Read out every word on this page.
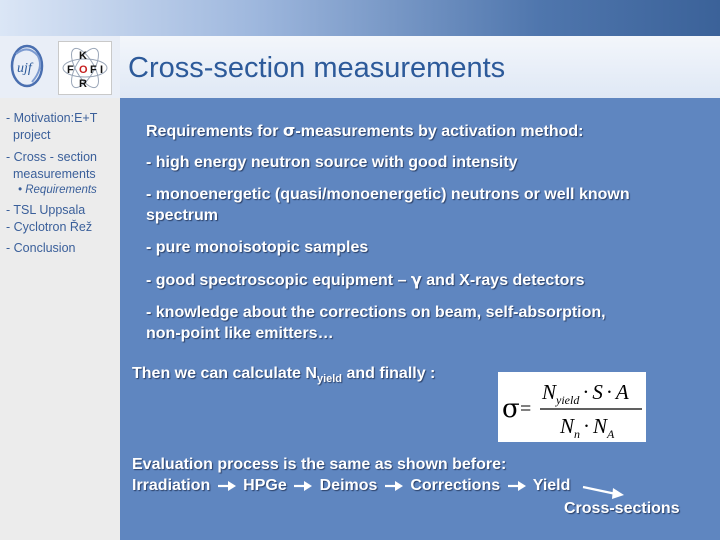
ujf
K
F O F I
R Cross-section measurements
- Motivation:E+T
project
- Cross - section
measurements
• Requirements
- TSL Uppsala
- Cyclotron Řež
- Conclusion
Requirements for σ-measurements by activation method:
- high energy neutron source with good intensity
- monoenergetic (quasi/monoenergetic) neutrons or well known
spectrum
- pure monoisotopic samples
- good spectroscopic equipment – γ and X-rays detectors
- knowledge about the corrections on beam, self-absorption,
non-point like emitters…
Then we can calculate $N_{yield}$ and finally :
σ =
$N_{yield} \cdot S \cdot A$
$N_n \cdot N_A$
Evaluation process is the same as shown before:
Irradiation HPGe Deimos Corrections Yield
Cross-sections
